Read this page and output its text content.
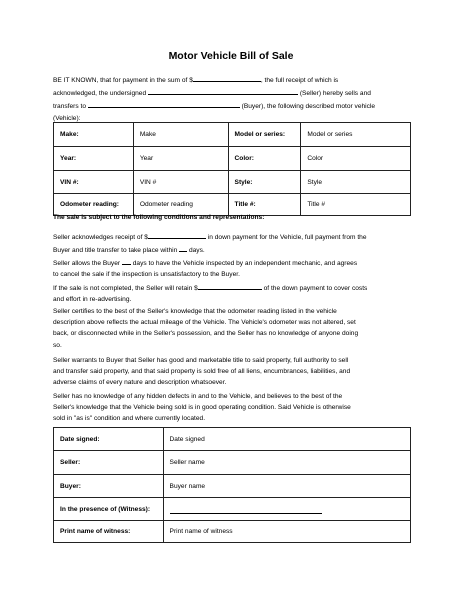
Motor Vehicle Bill of Sale
BE IT KNOWN, that for payment in the sum of $	, the full receipt of which is
acknowledged, the undersigned	(Seller) hereby sells and
transfers to	(Buyer), the following described motor vehicle
(Vehicle):
Make:	Make	Model or series:	Model or series
Year:	Year	Color:	Color
VIN #:	VIN #	Style:	Style
Odometer reading:	Odometer reading	Title #:	Title #
The sale is subject to the following conditions and representations:
Seller acknowledges receipt of $	in down payment for the Vehicle, full payment from the
Buyer and title transfer to take place within days.
Seller allows the Buyer days to have the Vehicle inspected by an independent mechanic, and agrees
to cancel the sale if the inspection is unsatisfactory to the Buyer.
If the sale is not completed, the Seller will retain $	of the down payment to cover costs
and effort in re-advertising.
Seller certifies to the best of the Seller's knowledge that the odometer reading listed in the vehicle
description above reflects the actual mileage of the Vehicle. The Vehicle's odometer was not altered, set
back, or disconnected while in the Seller's possession, and the Seller has no knowledge of anyone doing
so.
Seller warrants to Buyer that Seller has good and marketable title to said property, full authority to sell
and transfer said property, and that said property is sold free of all liens, encumbrances, liabilities, and
adverse claims of every nature and description whatsoever.
Seller has no knowledge of any hidden defects in and to the Vehicle, and believes to the best of the
Seller's knowledge that the Vehicle being sold is in good operating condition. Said Vehicle is otherwise
sold in "as is" condition and where currently located.
Date signed:	Date signed
Seller:	Seller name
Buyer:	Buyer name
In the presence of (Witness):	
Print name of witness:	Print name of witness
